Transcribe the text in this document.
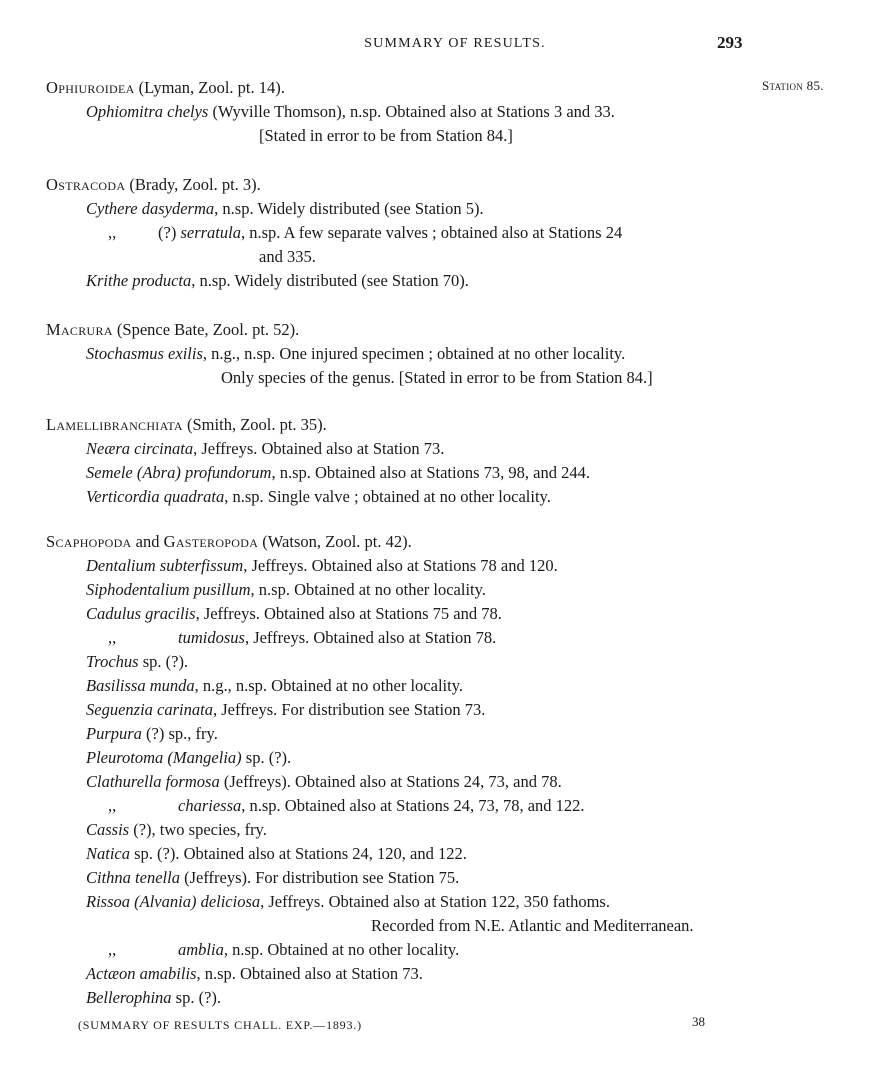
SUMMARY OF RESULTS.	293
Station 85.
Ophiuroidea (Lyman, Zool. pt. 14).
Ophiomitra chelys (Wyville Thomson), n.sp. Obtained also at Stations 3 and 33.
[Stated in error to be from Station 84.]
Ostracoda (Brady, Zool. pt. 3).
Cythere dasyderma, n.sp. Widely distributed (see Station 5).
,,	(?) serratula, n.sp. A few separate valves ; obtained also at Stations 24
and 335.
Krithe producta, n.sp. Widely distributed (see Station 70).
Macrura (Spence Bate, Zool. pt. 52).
Stochasmus exilis, n.g., n.sp. One injured specimen ; obtained at no other locality.
Only species of the genus. [Stated in error to be from Station 84.]
Lamellibranchiata (Smith, Zool. pt. 35).
Neæra circinata, Jeffreys. Obtained also at Station 73.
Semele (Abra) profundorum, n.sp. Obtained also at Stations 73, 98, and 244.
Verticordia quadrata, n.sp. Single valve ; obtained at no other locality.
Scaphopoda and Gasteropoda (Watson, Zool. pt. 42).
Dentalium subterfissum, Jeffreys. Obtained also at Stations 78 and 120.
Siphodentalium pusillum, n.sp. Obtained at no other locality.
Cadulus gracilis, Jeffreys. Obtained also at Stations 75 and 78.
,,	tumidosus, Jeffreys. Obtained also at Station 78.
Trochus sp. (?).
Basilissa munda, n.g., n.sp. Obtained at no other locality.
Seguenzia carinata, Jeffreys. For distribution see Station 73.
Purpura (?) sp., fry.
Pleurotoma (Mangelia) sp. (?).
Clathurella formosa (Jeffreys). Obtained also at Stations 24, 73, and 78.
,,	chariessa, n.sp. Obtained also at Stations 24, 73, 78, and 122.
Cassis (?), two species, fry.
Natica sp. (?). Obtained also at Stations 24, 120, and 122.
Cithna tenella (Jeffreys). For distribution see Station 75.
Rissoa (Alvania) deliciosa, Jeffreys. Obtained also at Station 122, 350 fathoms.
Recorded from N.E. Atlantic and Mediterranean.
,,	amblia, n.sp. Obtained at no other locality.
Actæon amabilis, n.sp. Obtained also at Station 73.
Bellerophina sp. (?).
(SUMMARY OF RESULTS CHALL. EXP.—1893.)	38
